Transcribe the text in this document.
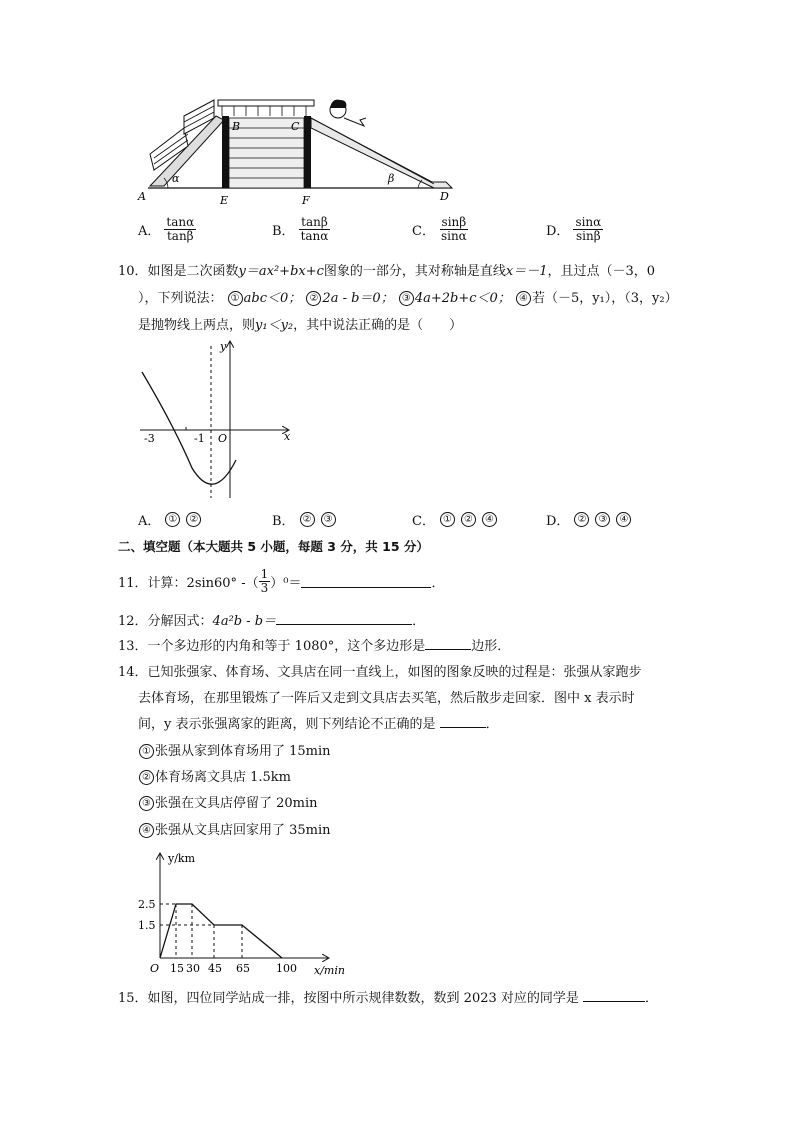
A
B	C
D
E	F
α	β
A． $\frac{\tan\alpha}{\tan\beta}$	B． $\frac{\tan\beta}{\tan\alpha}$	C． $\frac{\sin\beta}{\sin\alpha}$	D． $\frac{\sin\alpha}{\sin\beta}$
10．如图是二次函数y＝ax²+bx+c图象的一部分，其对称轴是直线x＝－1，且过点（－3，0
），下列说法： ① abc＜0； ② 2a - b＝0； ③ 4a+2b+c＜0； ④ 若（－5，y₁），（3，y₂）
是抛物线上两点，则y₁＜y₂，其中说法正确的是（　　）
y
x
O
-3	-1
A． ①	②	B． ②	③	C． ①	②	④	D． ②	③	④
二、填空题（本大题共 5 小题，每题 3 分，共 15 分）
11．计算：2sin60° -（ $\frac{1}{3} )^0=$	．
12．分解因式：4a²b - b＝	．
13．一个多边形的内角和等于 1080°，这个多边形是	边形．
14．已知张强家、体育场、文具店在同一直线上，如图的图象反映的过程是：张强从家跑步
去体育场，在那里锻炼了一阵后又走到文具店去买笔，然后散步走回家．图中 x 表示时
间，y 表示张强离家的距离，则下列结论不正确的是	．
① 张强从家到体育场用了 15min
② 体育场离文具店 1.5km
③ 张强在文具店停留了 20min
④ 张强从文具店回家用了 35min
y/km
x/min
O
2.5
1.5
15 30 45 65 100
15．如图，四位同学站成一排，按图中所示规律数数，数到 2023 对应的同学是	．
